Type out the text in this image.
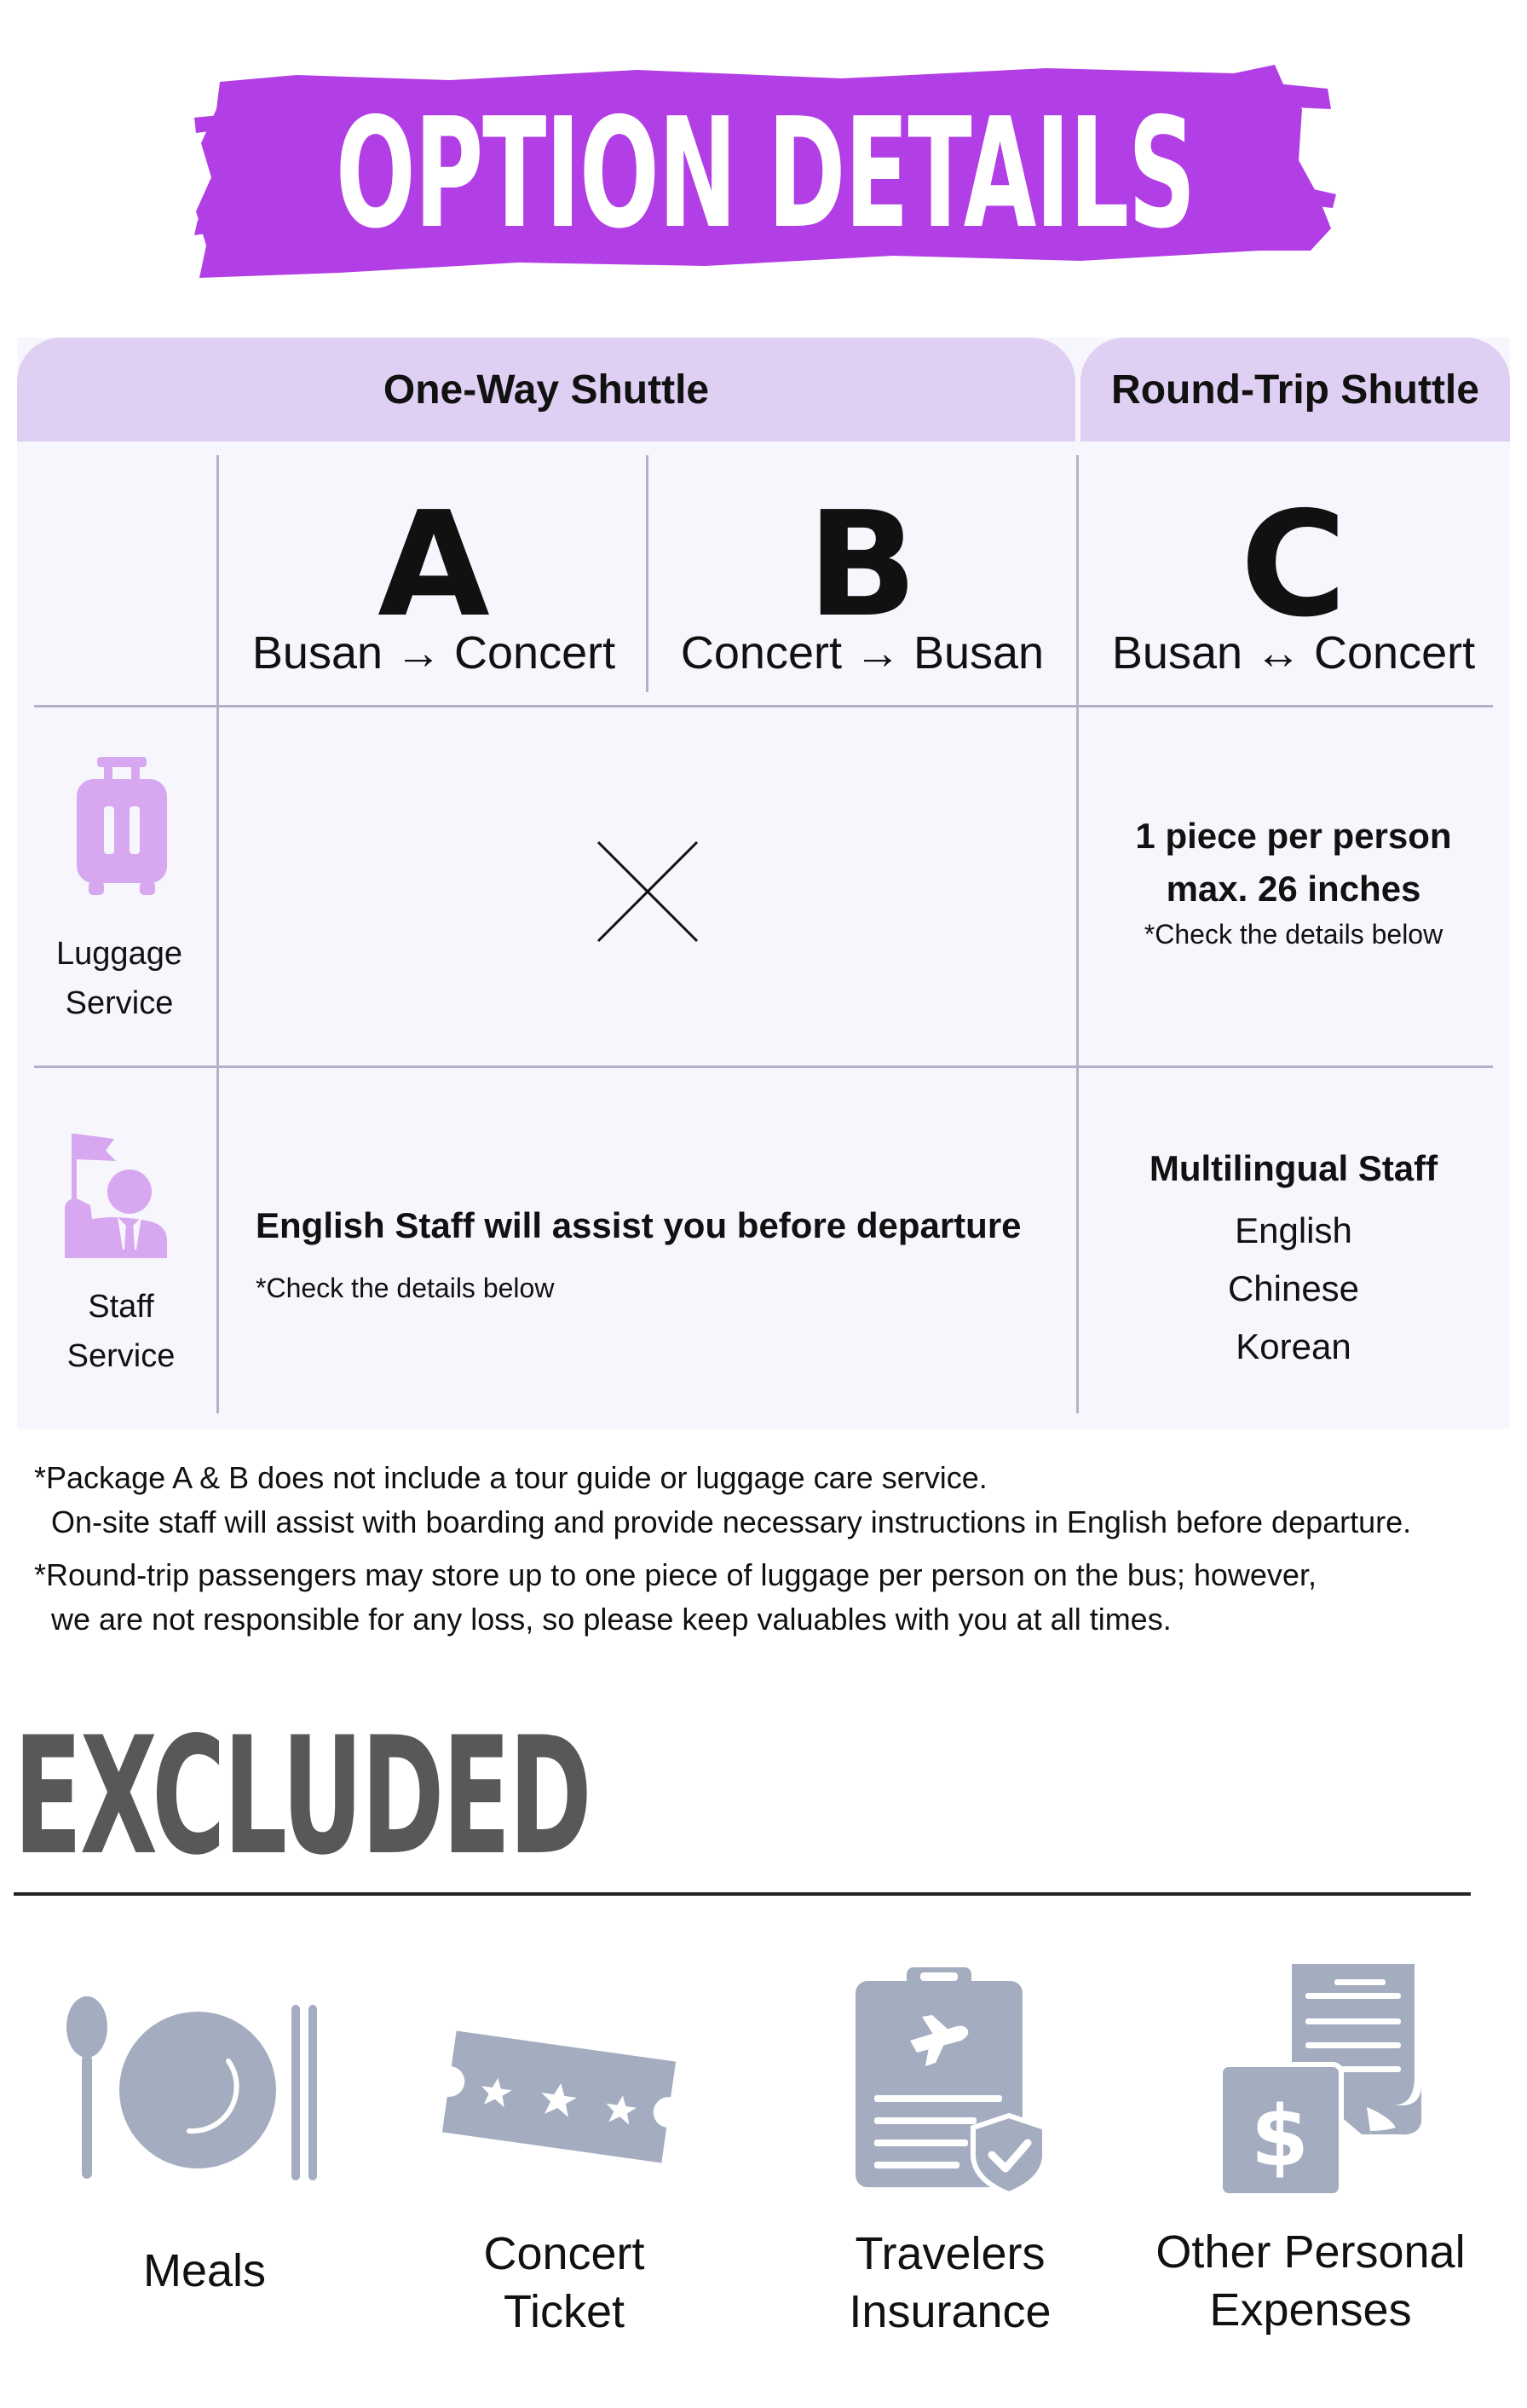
OPTION DETAILS
One-Way Shuttle	Round-Trip Shuttle
A
Busan → Concert
B
Concert → Busan
C
Busan ↔ Concert
Luggage
Service
1 piece per person
max. 26 inches
*Check the details below
Staff
Service
English Staff will assist you before departure
*Check the details below
Multilingual Staff
English
Chinese
Korean
*Package A & B does not include a tour guide or luggage care service.
On-site staff will assist with boarding and provide necessary instructions in English before departure.
*Round-trip passengers may store up to one piece of luggage per person on the bus; however,
we are not responsible for any loss, so please keep valuables with you at all times.
EXCLUDED
$
Meals	Concert
Ticket
Travelers
Insurance
Other Personal
Expenses
